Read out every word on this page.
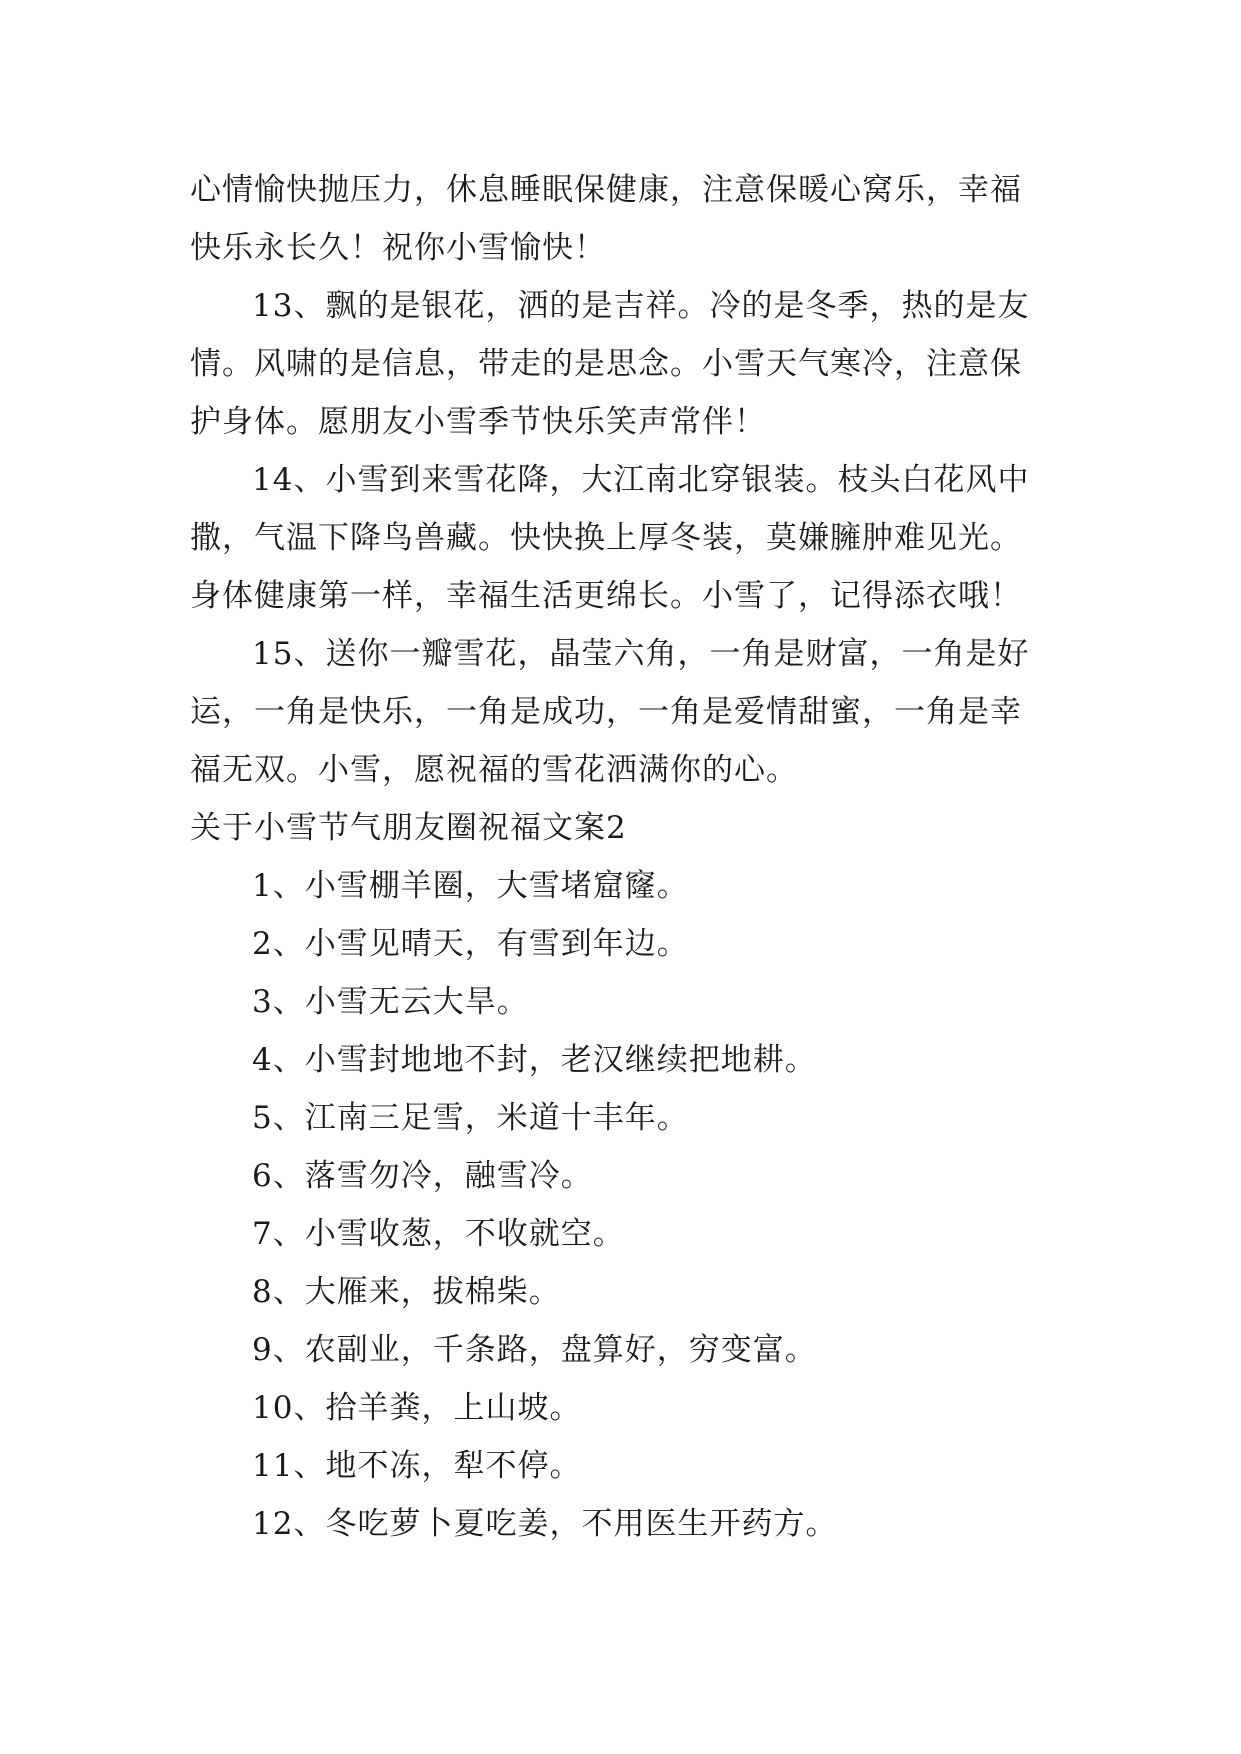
心情愉快抛压力，休息睡眠保健康，注意保暖心窝乐，幸福
快乐永长久！祝你小雪愉快！
13、飘的是银花，洒的是吉祥。冷的是冬季，热的是友
情。风啸的是信息，带走的是思念。小雪天气寒冷，注意保
护身体。愿朋友小雪季节快乐笑声常伴！
14、小雪到来雪花降，大江南北穿银装。枝头白花风中
撒，气温下降鸟兽藏。快快换上厚冬装，莫嫌臃肿难见光。
身体健康第一样，幸福生活更绵长。小雪了，记得添衣哦！
15、送你一瓣雪花，晶莹六角，一角是财富，一角是好
运，一角是快乐，一角是成功，一角是爱情甜蜜，一角是幸
福无双。小雪，愿祝福的雪花洒满你的心。
关于小雪节气朋友圈祝福文案2
1、小雪棚羊圈，大雪堵窟窿。
2、小雪见晴天，有雪到年边。
3、小雪无云大旱。
4、小雪封地地不封，老汉继续把地耕。
5、江南三足雪，米道十丰年。
6、落雪勿冷，融雪冷。
7、小雪收葱，不收就空。
8、大雁来，拔棉柴。
9、农副业，千条路，盘算好，穷变富。
10、拾羊粪，上山坡。
11、地不冻，犁不停。
12、冬吃萝卜夏吃姜，不用医生开药方。
